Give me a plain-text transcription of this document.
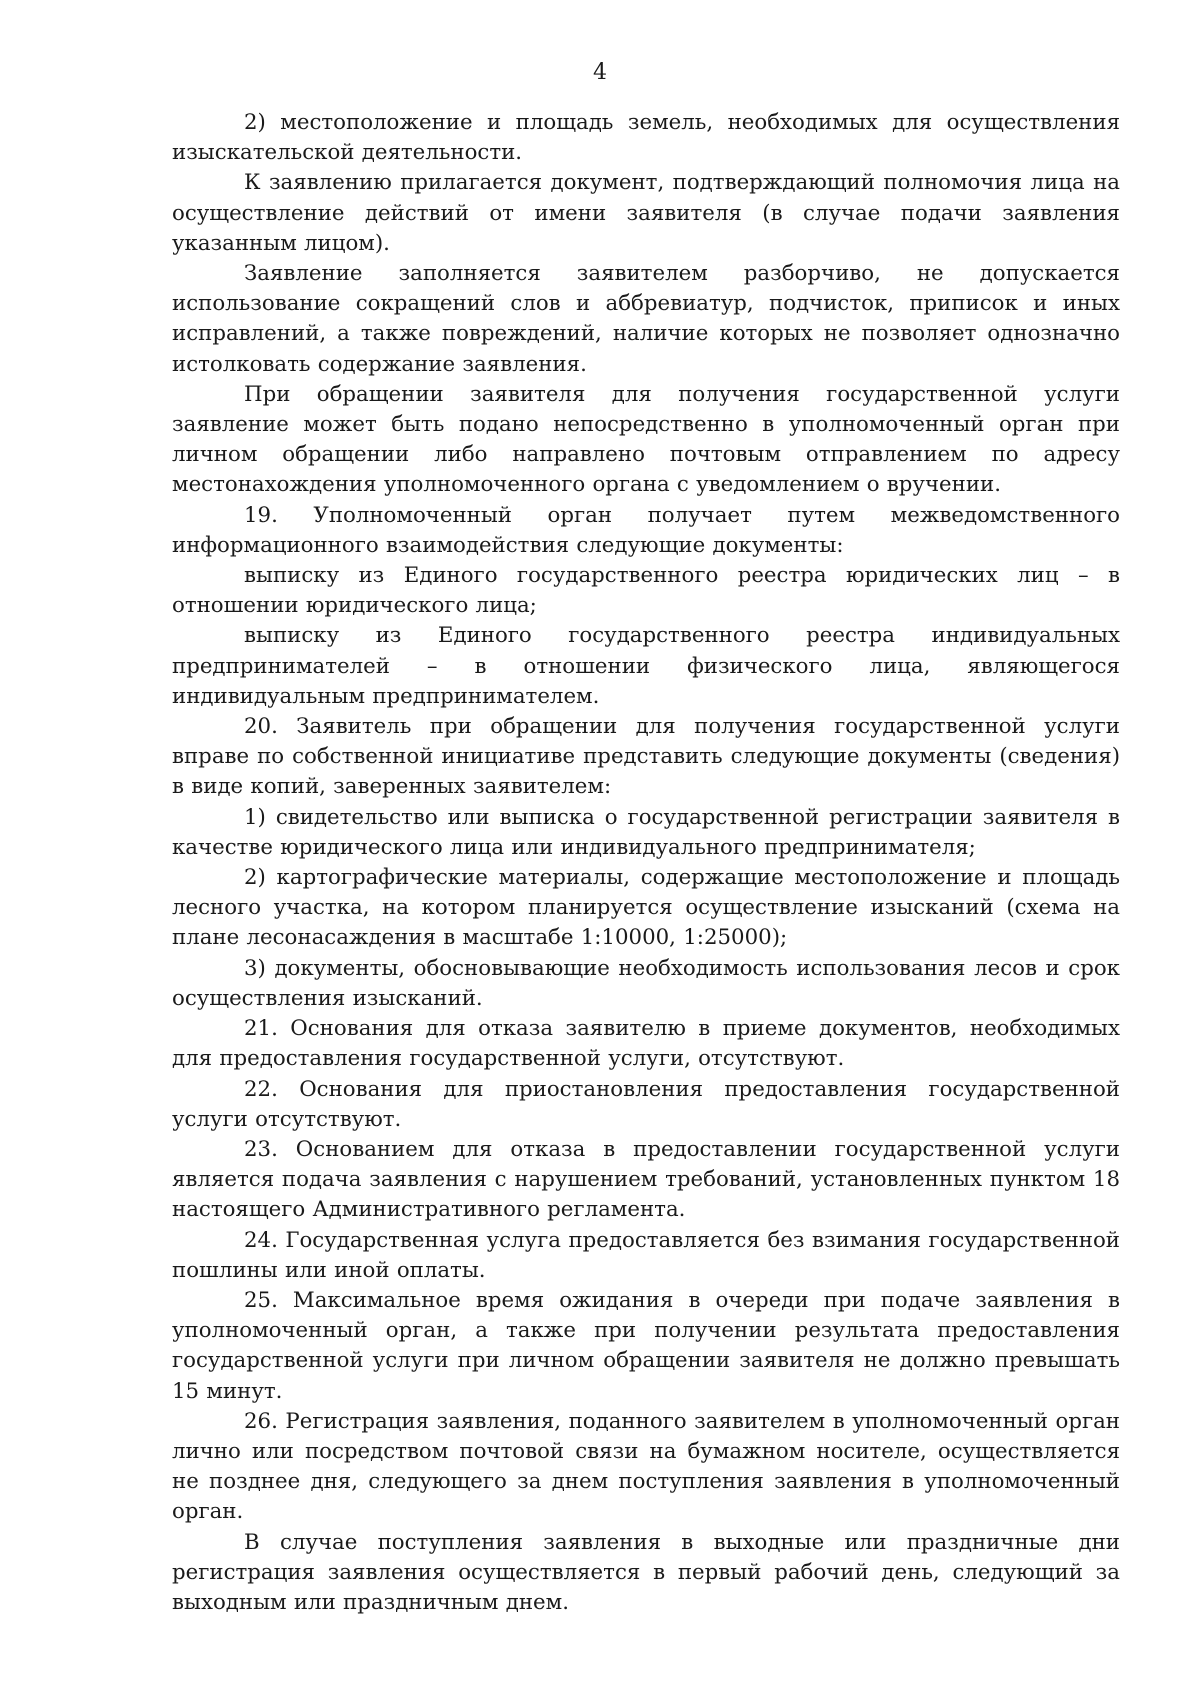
4

2) местоположение и площадь земель, необходимых для осуществления изыскательской деятельности.

К заявлению прилагается документ, подтверждающий полномочия лица на осуществление действий от имени заявителя (в случае подачи заявления указанным лицом).

Заявление заполняется заявителем разборчиво, не допускается использование сокращений слов и аббревиатур, подчисток, приписок и иных исправлений, а также повреждений, наличие которых не позволяет однозначно истолковать содержание заявления.

При обращении заявителя для получения государственной услуги заявление может быть подано непосредственно в уполномоченный орган при личном обращении либо направлено почтовым отправлением по адресу местонахождения уполномоченного органа с уведомлением о вручении.

19. Уполномоченный орган получает путем межведомственного информационного взаимодействия следующие документы:

выписку из Единого государственного реестра юридических лиц – в отношении юридического лица;

выписку из Единого государственного реестра индивидуальных предпринимателей – в отношении физического лица, являющегося индивидуальным предпринимателем.

20. Заявитель при обращении для получения государственной услуги вправе по собственной инициативе представить следующие документы (сведения) в виде копий, заверенных заявителем:

1) свидетельство или выписка о государственной регистрации заявителя в качестве юридического лица или индивидуального предпринимателя;

2) картографические материалы, содержащие местоположение и площадь лесного участка, на котором планируется осуществление изысканий (схема на плане лесонасаждения в масштабе 1:10000, 1:25000);

3) документы, обосновывающие необходимость использования лесов и срок осуществления изысканий.

21. Основания для отказа заявителю в приеме документов, необходимых для предоставления государственной услуги, отсутствуют.

22. Основания для приостановления предоставления государственной услуги отсутствуют.

23. Основанием для отказа в предоставлении государственной услуги является подача заявления с нарушением требований, установленных пунктом 18 настоящего Административного регламента.

24. Государственная услуга предоставляется без взимания государственной пошлины или иной оплаты.

25. Максимальное время ожидания в очереди при подаче заявления в уполномоченный орган, а также при получении результата предоставления государственной услуги при личном обращении заявителя не должно превышать 15 минут.

26. Регистрация заявления, поданного заявителем в уполномоченный орган лично или посредством почтовой связи на бумажном носителе, осуществляется не позднее дня, следующего за днем поступления заявления в уполномоченный орган.

В случае поступления заявления в выходные или праздничные дни регистрация заявления осуществляется в первый рабочий день, следующий за выходным или праздничным днем.
